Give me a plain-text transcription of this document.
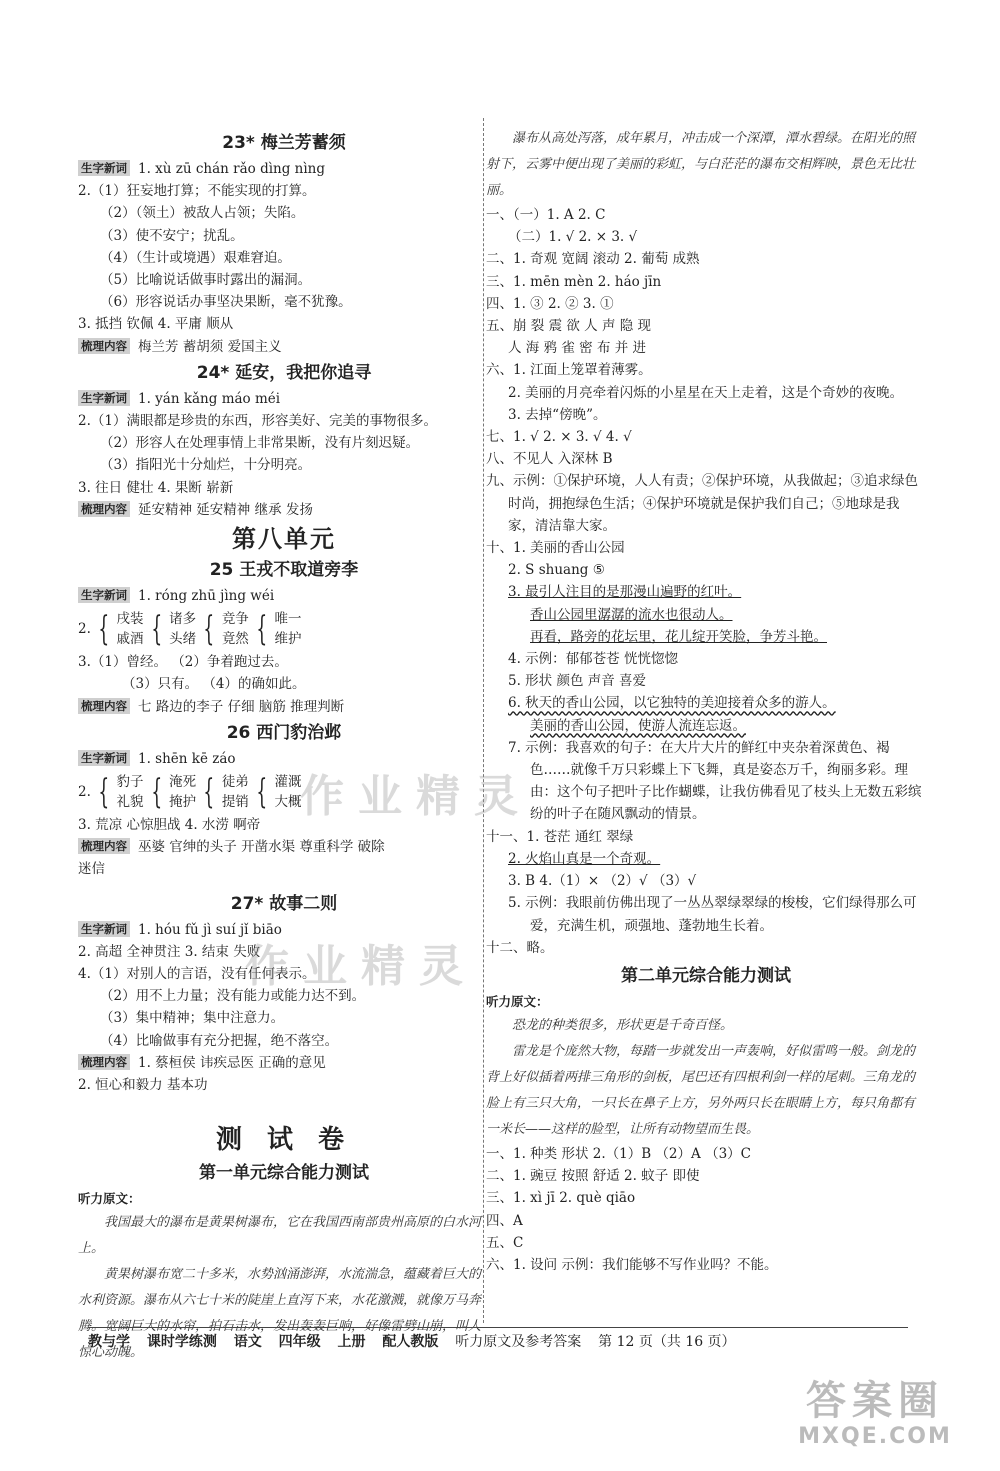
23* 梅兰芳蓄须
生字新词 1. xù zū chán rǎo dìng nìng
2.（1）狂妄地打算；不能实现的打算。
（2）（领土）被敌人占领；失陷。
（3）使不安宁；扰乱。
（4）（生计或境遇）艰难窘迫。
（5）比喻说话做事时露出的漏洞。
（6）形容说话办事坚决果断，毫不犹豫。
3. 抵挡 钦佩 4. 平庸 顺从
梳理内容 梅兰芳 蓄胡须 爱国主义
24* 延安，我把你追寻
生字新词 1. yán kǎng máo méi
2.（1）满眼都是珍贵的东西，形容美好、完美的事物很多。
（2）形容人在处理事情上非常果断，没有片刻迟疑。
（3）指阳光十分灿烂，十分明亮。
3. 往日 健壮 4. 果断 崭新
梳理内容 延安精神 延安精神 继承 发扬
第八单元
25 王戎不取道旁李
生字新词 1. róng zhū jìng wéi
2. { 戌装
戚酒 { 诸多
头绪 { 竞争
竟然 { 唯一
维护
3.（1）曾经。 （2）争着跑过去。
（3）只有。 （4）的确如此。
梳理内容 七 路边的李子 仔细 脑筋 推理判断
26 西门豹治邺
生字新词 1. shēn kē záo
2. { 豹子
礼貌 { 淹死
掩护 { 徒弟
提销 { 灌溉
大概
3. 荒凉 心惊胆战 4. 水涝 啊帝
梳理内容 巫婆 官绅的头子 开凿水渠 尊重科学 破除
迷信
27* 故事二则
生字新词 1. hóu fǔ jì suí jǐ biāo
2. 高超 全神贯注 3. 结束 失败
4.（1）对别人的言语，没有任何表示。
（2）用不上力量；没有能力或能力达不到。
（3）集中精神；集中注意力。
（4）比喻做事有充分把握，绝不落空。
梳理内容 1. 蔡桓侯 讳疾忌医 正确的意见
2. 恒心和毅力 基本功
测 试 卷
第一单元综合能力测试
听力原文：
我国最大的瀑布是黄果树瀑布，它在我国西南部贵州高原的白水河上。
黄果树瀑布宽二十多米，水势汹涌澎湃，水流湍急，蕴藏着巨大的水利资源。瀑布从六七十米的陡崖上直泻下来，水花激溅，就像万马奔腾。宽阔巨大的水帘，拍石击水，发出轰轰巨响，好像雷劈山崩，叫人惊心动魄。
瀑布从高处泻落，成年累月，冲击成一个深潭，潭水碧绿。在阳光的照射下，云雾中便出现了美丽的彩虹，与白茫茫的瀑布交相辉映，景色无比壮丽。
一、（一）1. A 2. C
（二）1. √ 2. × 3. √
二、1. 奇观 宽阔 滚动 2. 葡萄 成熟
三、1. mēn mèn 2. háo jīn
四、1. ③ 2. ② 3. ①
五、崩 裂 震 欲 人 声 隐 现
人 海 鸦 雀 密 布 并 进
六、1. 江面上笼罩着薄雾。
2. 美丽的月亮牵着闪烁的小星星在天上走着，这是个奇妙的夜晚。
3. 去掉“傍晚”。
七、1. √ 2. × 3. √ 4. √
八、不见人 入深林 B
九、示例：①保护环境，人人有责；②保护环境，从我做起；③追求绿色时尚，拥抱绿色生活；④保护环境就是保护我们自己；⑤地球是我家，清洁靠大家。
十、1. 美丽的香山公园
2. S shuang ⑤
3. 最引人注目的是那漫山遍野的红叶。
香山公园里潺潺的流水也很动人。
再看，路旁的花坛里，花儿绽开笑脸，争芳斗艳。
4. 示例：郁郁苍苍 恍恍惚惚
5. 形状 颜色 声音 喜爱
6. 秋天的香山公园，以它独特的美迎接着众多的游人。
美丽的香山公园，使游人流连忘返。
7. 示例：我喜欢的句子：在大片大片的鲜红中夹杂着深黄色、褐色……就像千万只彩蝶上下飞舞，真是姿态万千，绚丽多彩。理由：这个句子把叶子比作蝴蝶，让我仿佛看见了枝头上无数五彩缤纷的叶子在随风飘动的情景。
十一、1. 苍茫 通红 翠绿
2. 火焰山真是一个奇观。
3. B 4.（1）× （2）√ （3）√
5. 示例：我眼前仿佛出现了一丛丛翠绿翠绿的梭梭，它们绿得那么可爱，充满生机，顽强地、蓬勃地生长着。
十二、略。
第二单元综合能力测试
听力原文：
恐龙的种类很多，形状更是千奇百怪。
雷龙是个庞然大物，每踏一步就发出一声轰响，好似雷鸣一般。剑龙的背上好似插着两排三角形的剑板，尾巴还有四根利剑一样的尾刺。三角龙的脸上有三只大角，一只长在鼻子上方，另外两只长在眼睛上方，每只角都有一米长——这样的脸型，让所有动物望而生畏。
一、1. 种类 形状 2.（1）B （2）A （3）C
二、1. 豌豆 按照 舒适 2. 蚊子 即使
三、1. xì jī 2. què qiāo
四、A
五、C
六、1. 设问 示例：我们能够不写作业吗？不能。
作业精灵
作业精灵
教与学 课时学练测 语文 四年级 上册 配人教版 听力原文及参考答案 第 12 页（共 16 页）
答案圈
MXQE.COM
